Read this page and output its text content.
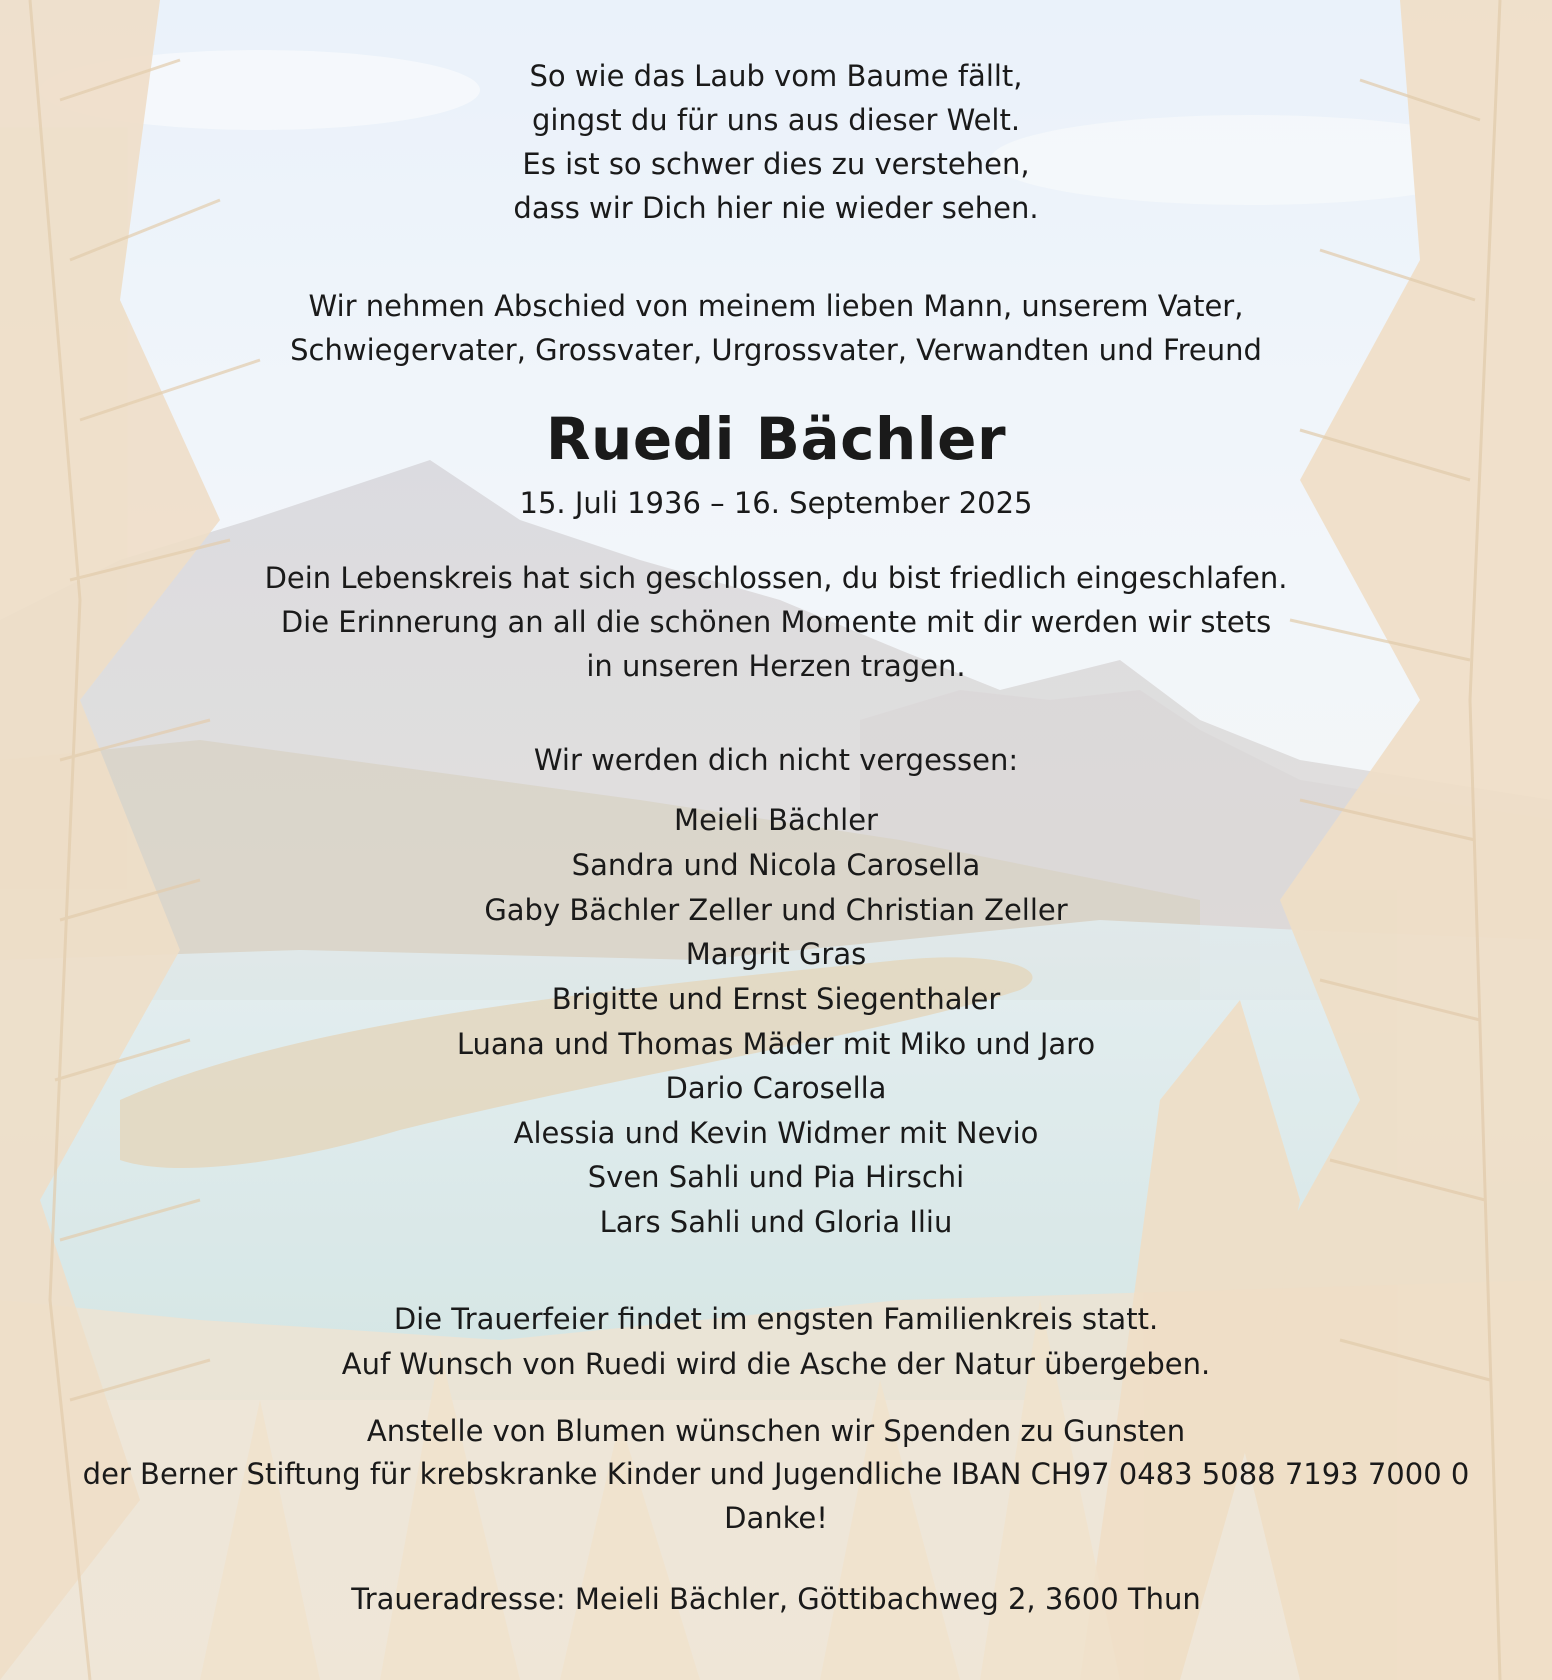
So wie das Laub vom Baume fällt,
gingst du für uns aus dieser Welt.
Es ist so schwer dies zu verstehen,
dass wir Dich hier nie wieder sehen.
Wir nehmen Abschied von meinem lieben Mann, unserem Vater,
Schwiegervater, Grossvater, Urgrossvater, Verwandten und Freund
Ruedi Bächler
15. Juli 1936 – 16. September 2025
Dein Lebenskreis hat sich geschlossen, du bist friedlich eingeschlafen.
Die Erinnerung an all die schönen Momente mit dir werden wir stets
in unseren Herzen tragen.
Wir werden dich nicht vergessen:
Meieli Bächler
Sandra und Nicola Carosella
Gaby Bächler Zeller und Christian Zeller
Margrit Gras
Brigitte und Ernst Siegenthaler
Luana und Thomas Mäder mit Miko und Jaro
Dario Carosella
Alessia und Kevin Widmer mit Nevio
Sven Sahli und Pia Hirschi
Lars Sahli und Gloria Iliu
Die Trauerfeier findet im engsten Familienkreis statt.
Auf Wunsch von Ruedi wird die Asche der Natur übergeben.
Anstelle von Blumen wünschen wir Spenden zu Gunsten
der Berner Stiftung für krebskranke Kinder und Jugendliche IBAN CH97 0483 5088 7193 7000 0
Danke!
Traueradresse: Meieli Bächler, Göttibachweg 2, 3600 Thun
